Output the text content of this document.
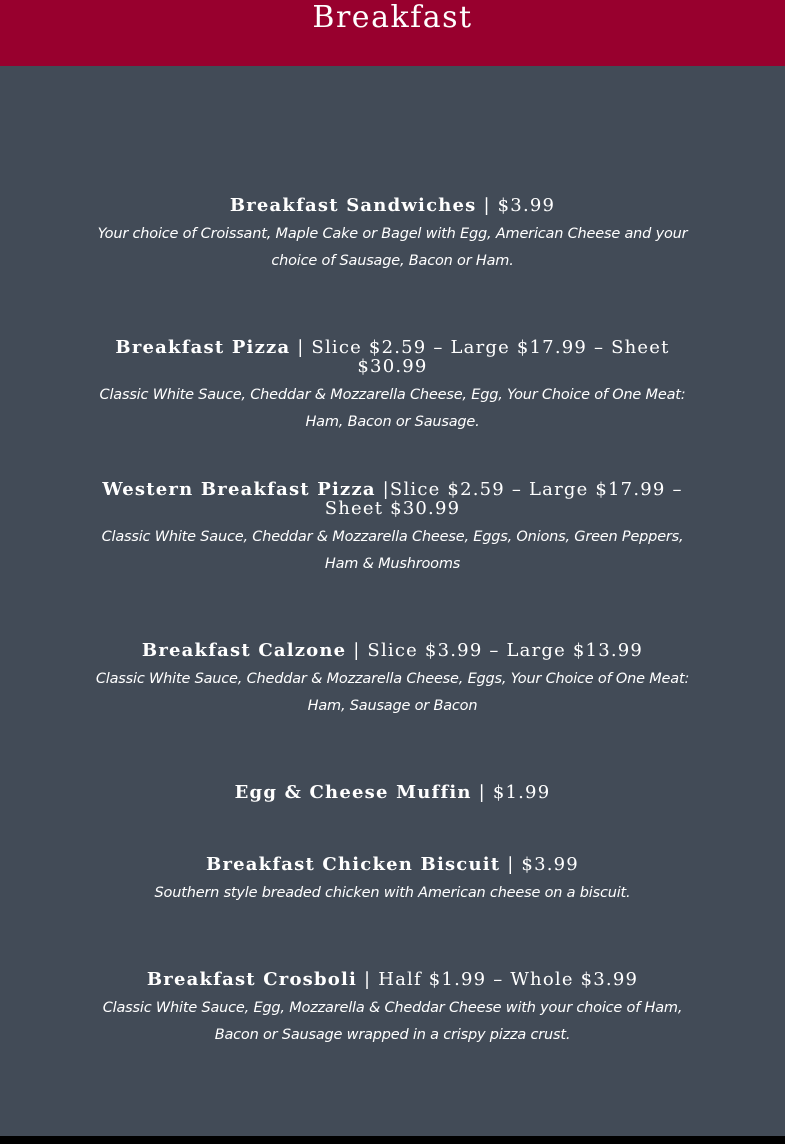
Breakfast

Breakfast Sandwiches | $3.99

Your choice of Croissant, Maple Cake or Bagel with Egg, American Cheese and your choice of Sausage, Bacon or Ham.

Breakfast Pizza | Slice $2.59 – Large $17.99 – Sheet $30.99

Classic White Sauce, Cheddar & Mozzarella Cheese, Egg, Your Choice of One Meat: Ham, Bacon or Sausage.

Western Breakfast Pizza |Slice $2.59 – Large $17.99 – Sheet $30.99

Classic White Sauce, Cheddar & Mozzarella Cheese, Eggs, Onions, Green Peppers, Ham & Mushrooms

Breakfast Calzone | Slice $3.99 – Large $13.99

Classic White Sauce, Cheddar & Mozzarella Cheese, Eggs, Your Choice of One Meat: Ham, Sausage or Bacon

Egg & Cheese Muffin | $1.99

Breakfast Chicken Biscuit | $3.99

Southern style breaded chicken with American cheese on a biscuit.

Breakfast Crosboli | Half $1.99 – Whole $3.99

Classic White Sauce, Egg, Mozzarella & Cheddar Cheese with your choice of Ham, Bacon or Sausage wrapped in a crispy pizza crust.
